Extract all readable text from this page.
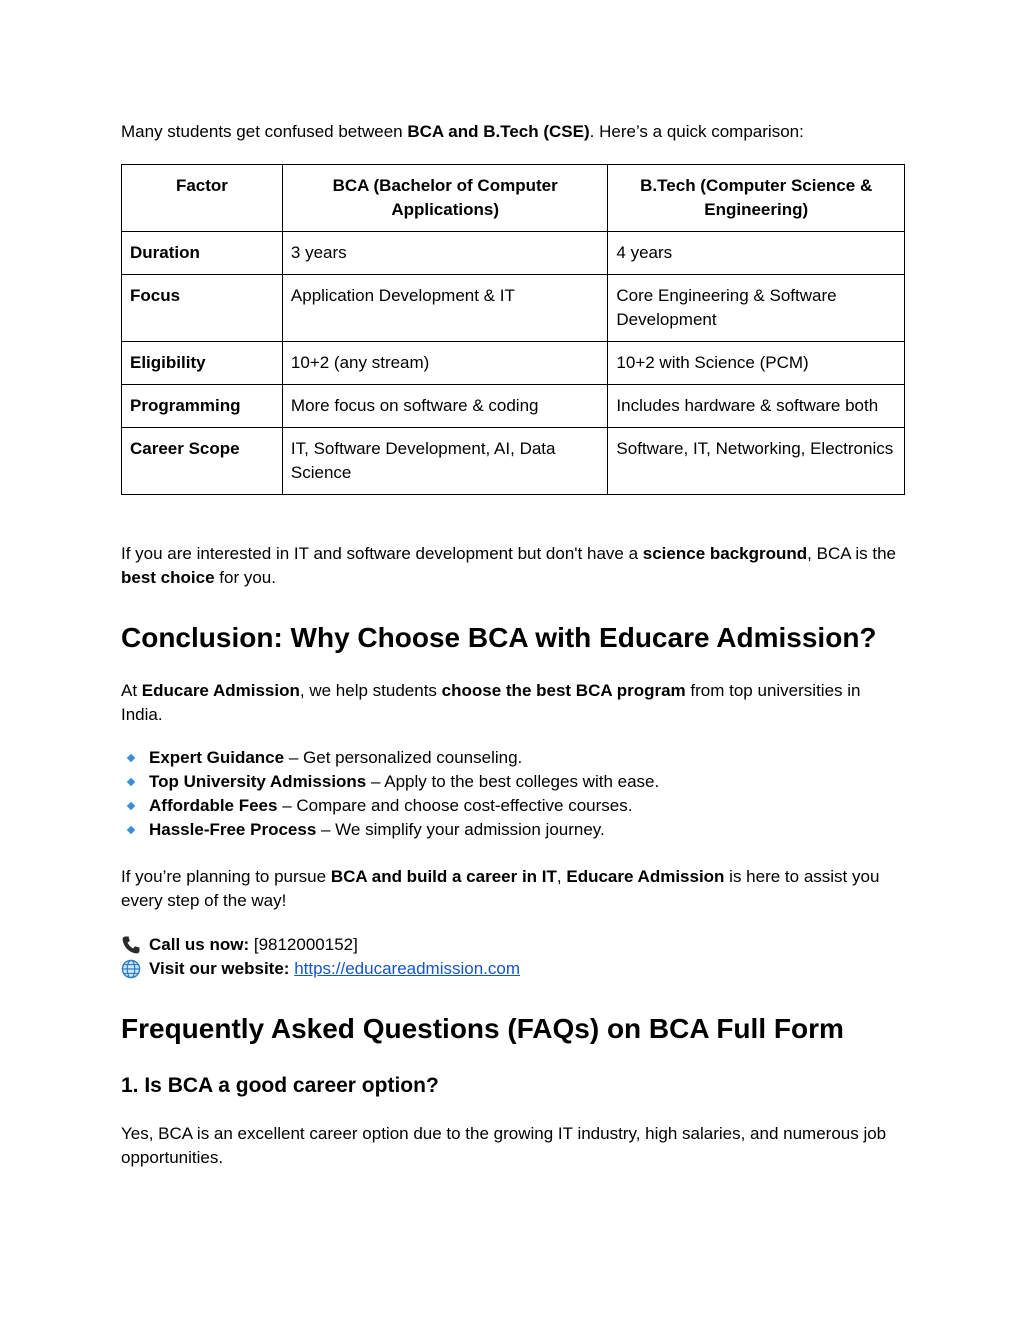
Many students get confused between BCA and B.Tech (CSE). Here’s a quick comparison:

Factor	BCA (Bachelor of Computer Applications)	B.Tech (Computer Science & Engineering)
Duration	3 years	4 years
Focus	Application Development & IT	Core Engineering & Software Development
Eligibility	10+2 (any stream)	10+2 with Science (PCM)
Programming	More focus on software & coding	Includes hardware & software both
Career Scope	IT, Software Development, AI, Data Science	Software, IT, Networking, Electronics

If you are interested in IT and software development but don't have a science background, BCA is the best choice for you.

Conclusion: Why Choose BCA with Educare Admission?

At Educare Admission, we help students choose the best BCA program from top universities in India.

Expert Guidance – Get personalized counseling.
Top University Admissions – Apply to the best colleges with ease.
Affordable Fees – Compare and choose cost-effective courses.
Hassle-Free Process – We simplify your admission journey.

If you’re planning to pursue BCA and build a career in IT, Educare Admission is here to assist you every step of the way!

Call us now: [9812000152]

Visit our website: https://educareadmission.com

Frequently Asked Questions (FAQs) on BCA Full Form
1. Is BCA a good career option?

Yes, BCA is an excellent career option due to the growing IT industry, high salaries, and numerous job opportunities.
